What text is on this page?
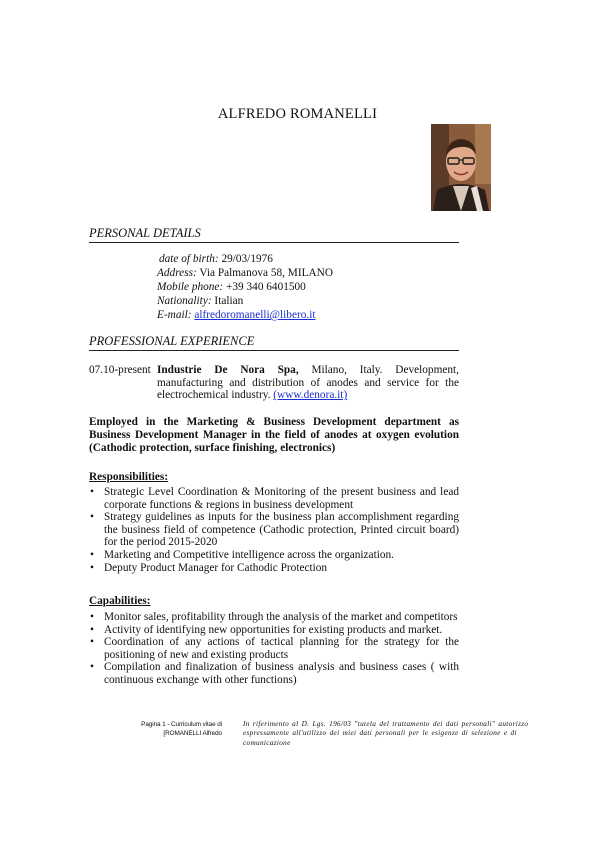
ALFREDO ROMANELLI
PERSONAL DETAILS
date of birth: 29/03/1976
Address: Via Palmanova 58, MILANO
Mobile phone: +39 340 6401500
Nationality: Italian
E-mail: alfredoromanelli@libero.it
PROFESSIONAL EXPERIENCE
07.10-present Industrie De Nora Spa, Milano, Italy. Development, manufacturing and distribution of anodes and service for the electrochemical industry. (www.denora.it)
Employed in the Marketing & Business Development department as Business Development Manager in the field of anodes at oxygen evolution (Cathodic protection, surface finishing, electronics)
Responsibilities:
• Strategic Level Coordination & Monitoring of the present business and lead corporate functions & regions in business development
• Strategy guidelines as inputs for the business plan accomplishment regarding the business field of competence (Cathodic protection, Printed circuit board) for the period 2015-2020
• Marketing and Competitive intelligence across the organization.
• Deputy Product Manager for Cathodic Protection
Capabilities:
• Monitor sales, profitability through the analysis of the market and competitors
• Activity of identifying new opportunities for existing products and market.
• Coordination of any actions of tactical planning for the strategy for the positioning of new and existing products
• Compilation and finalization of business analysis and business cases ( with continuous exchange with other functions)
Pagina 1 - Curriculum vitae di
[ROMANELLI Alfredo
In riferimento al D. Lgs. 196/03 "tutela del trattamento dei dati personali" autorizzo espressamente all'utilizzo dei miei dati personali per le esigenze di selezione e di comunicazione
